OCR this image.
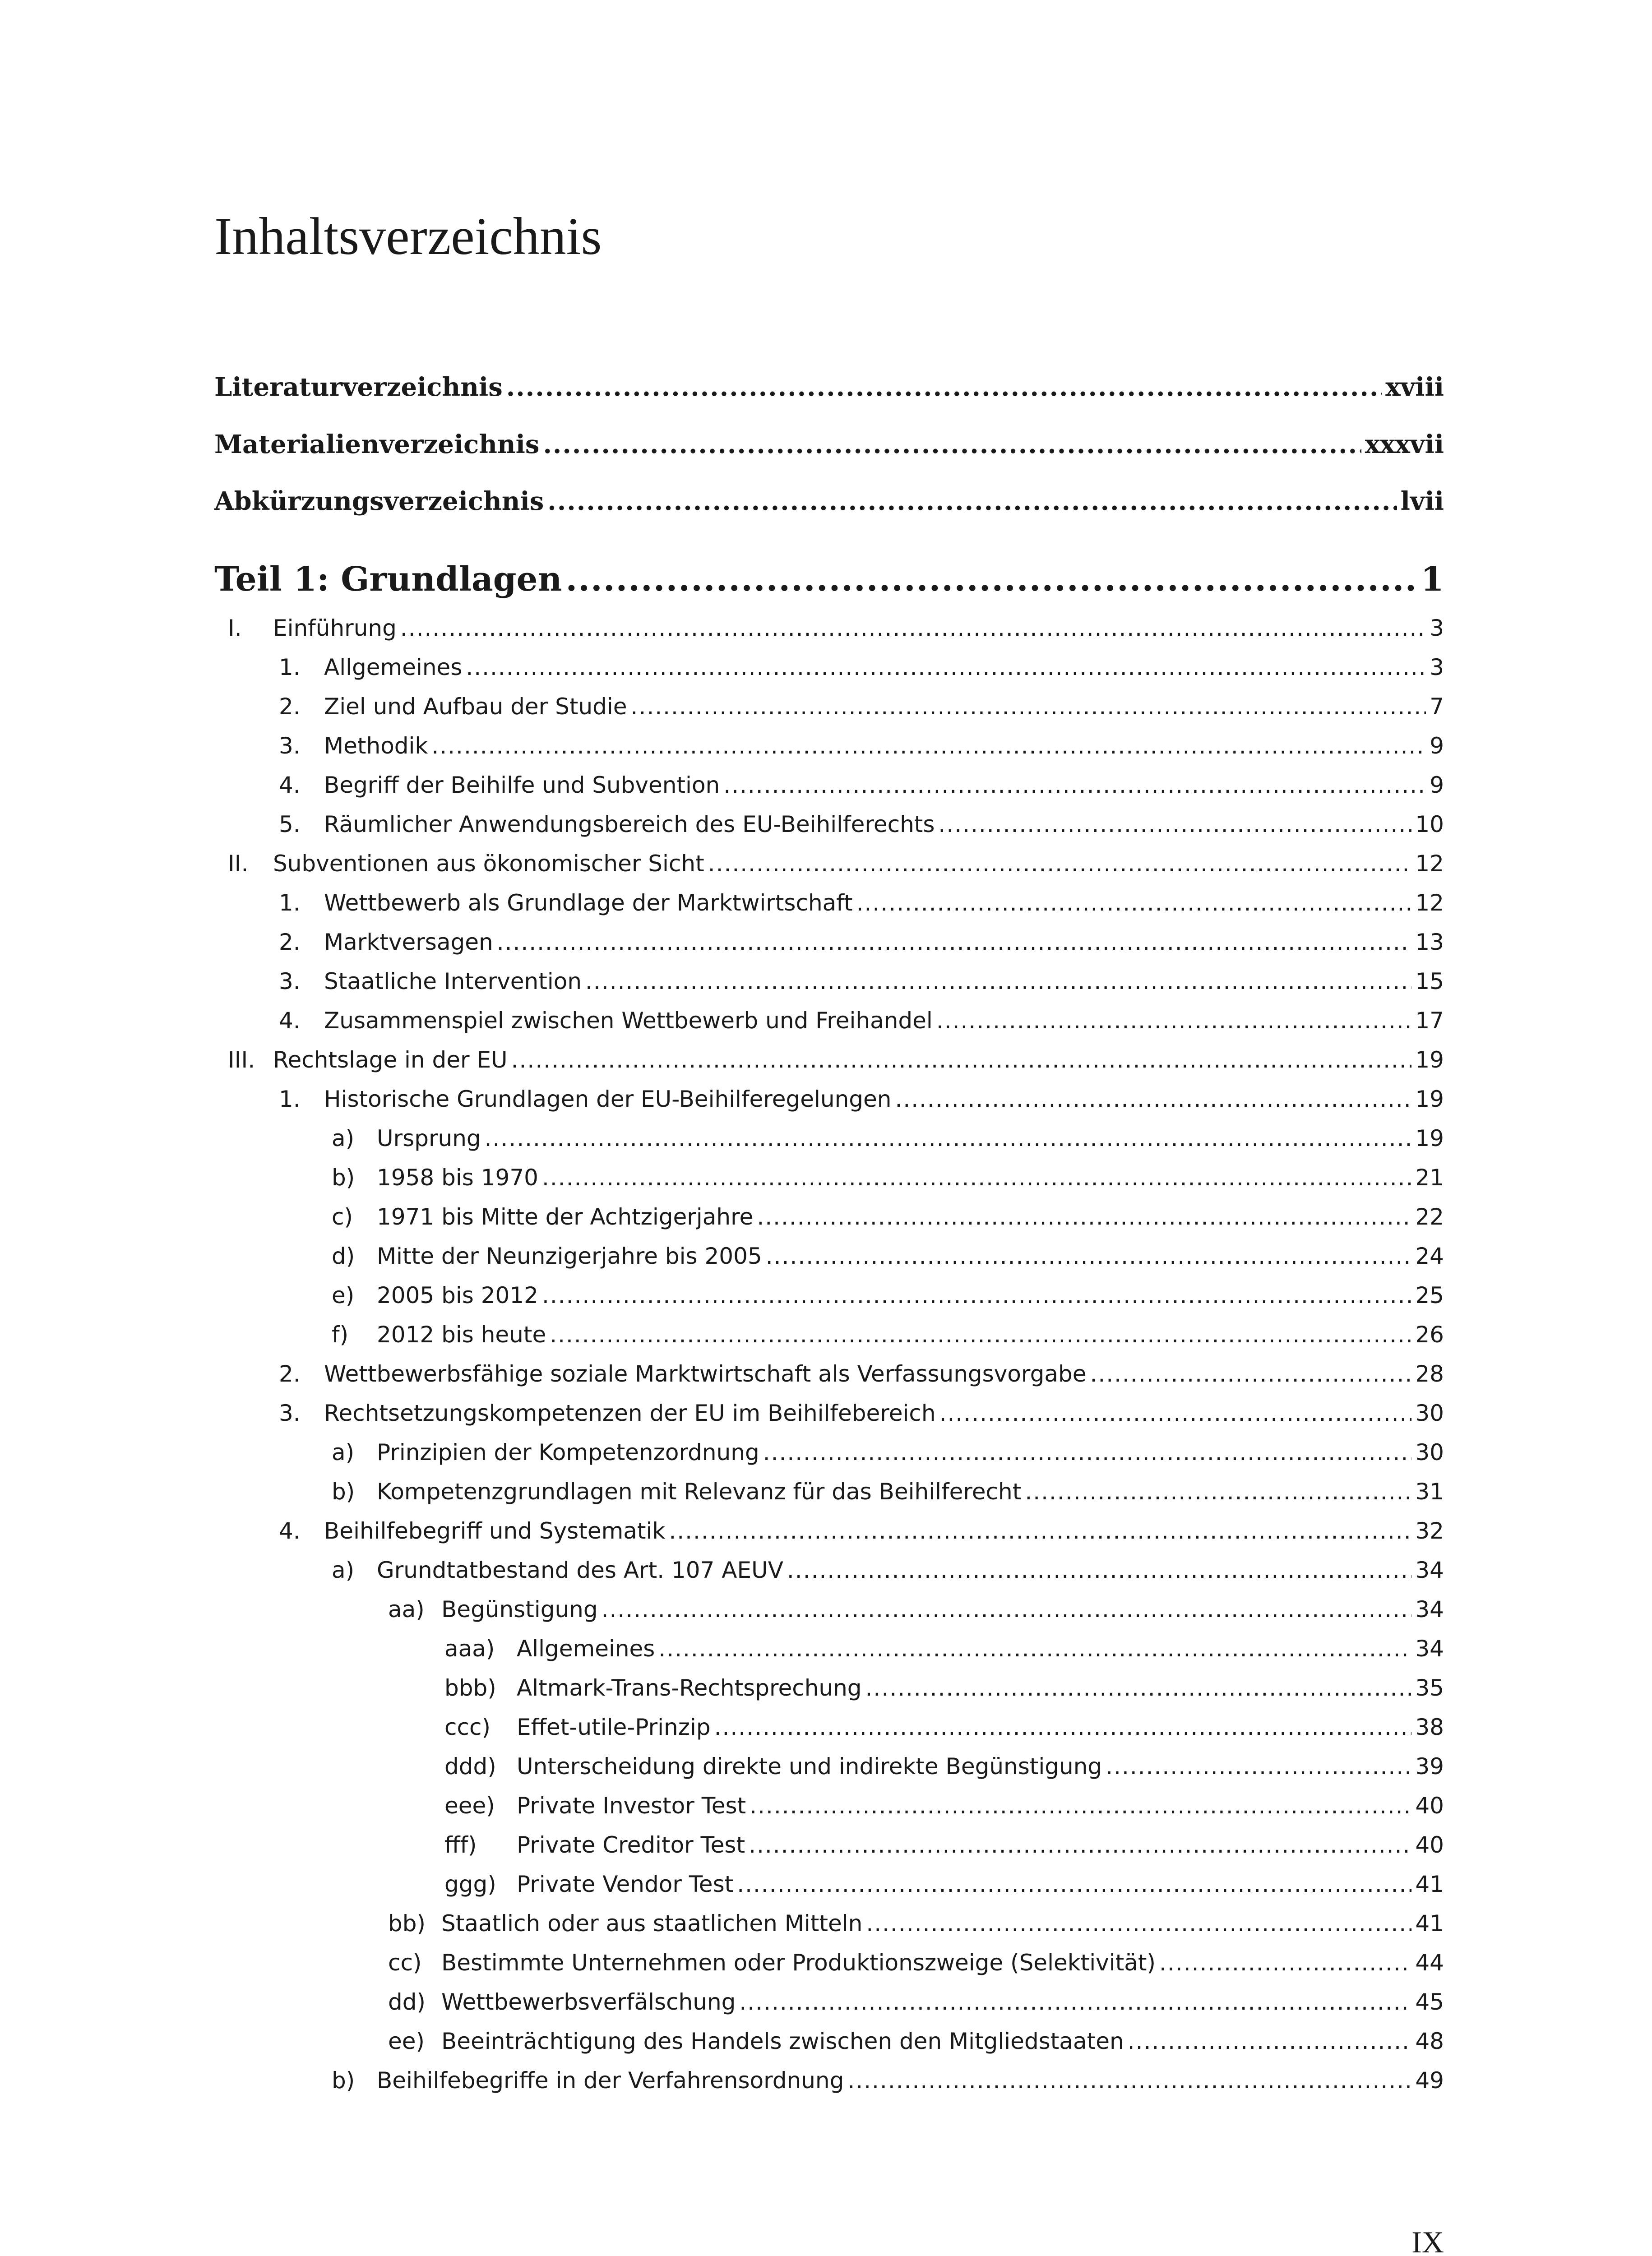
Inhaltsverzeichnis
Literaturverzeichnis .....	xviii
Materialienverzeichnis .....	xxxvii
Abkürzungsverzeichnis .....	lvii
Teil 1: Grundlagen .....	1
I.	Einführung .....	3
1.	Allgemeines .....	3
2.	Ziel und Aufbau der Studie .....	7
3.	Methodik .....	9
4.	Begriff der Beihilfe und Subvention .....	9
5.	Räumlicher Anwendungsbereich des EU-Beihilferechts .....	10
II.	Subventionen aus ökonomischer Sicht .....	12
1.	Wettbewerb als Grundlage der Marktwirtschaft .....	12
2.	Marktversagen .....	13
3.	Staatliche Intervention .....	15
4.	Zusammenspiel zwischen Wettbewerb und Freihandel .....	17
III. Rechtslage in der EU .....	19
1.	Historische Grundlagen der EU-Beihilferegelungen .....	19
a) Ursprung .....	19
b) 1958 bis 1970 .....	21
c)	1971 bis Mitte der Achtzigerjahre .....	22
d) Mitte der Neunzigerjahre bis 2005 .....	24
e) 2005 bis 2012 .....	25
f)	2012 bis heute .....	26
2.	Wettbewerbsfähige soziale Marktwirtschaft als Verfassungsvorgabe .....	28
3.	Rechtsetzungskompetenzen der EU im Beihilfebereich .....	30
a) Prinzipien der Kompetenzordnung .....	30
b) Kompetenzgrundlagen mit Relevanz für das Beihilferecht .....	31
4.	Beihilfebegriff und Systematik .....	32
a) Grundtatbestand des Art. 107 AEUV .....	34
aa) Begünstigung .....	34
aaa) Allgemeines .....	34
bbb) Altmark-Trans-Rechtsprechung .....	35
ccc)	Effet-utile-Prinzip .....	38
ddd) Unterscheidung direkte und indirekte Begünstigung .....	39
eee) Private Investor Test .....	40
fff)	Private Creditor Test .....	40
ggg) Private Vendor Test .....	41
bb) Staatlich oder aus staatlichen Mitteln .....	41
cc) Bestimmte Unternehmen oder Produktionszweige (Selektivität) .....	44
dd) Wettbewerbsverfälschung .....	45
ee) Beeinträchtigung des Handels zwischen den Mitgliedstaaten .....	48
b) Beihilfebegriffe in der Verfahrensordnung .....	49
IX
